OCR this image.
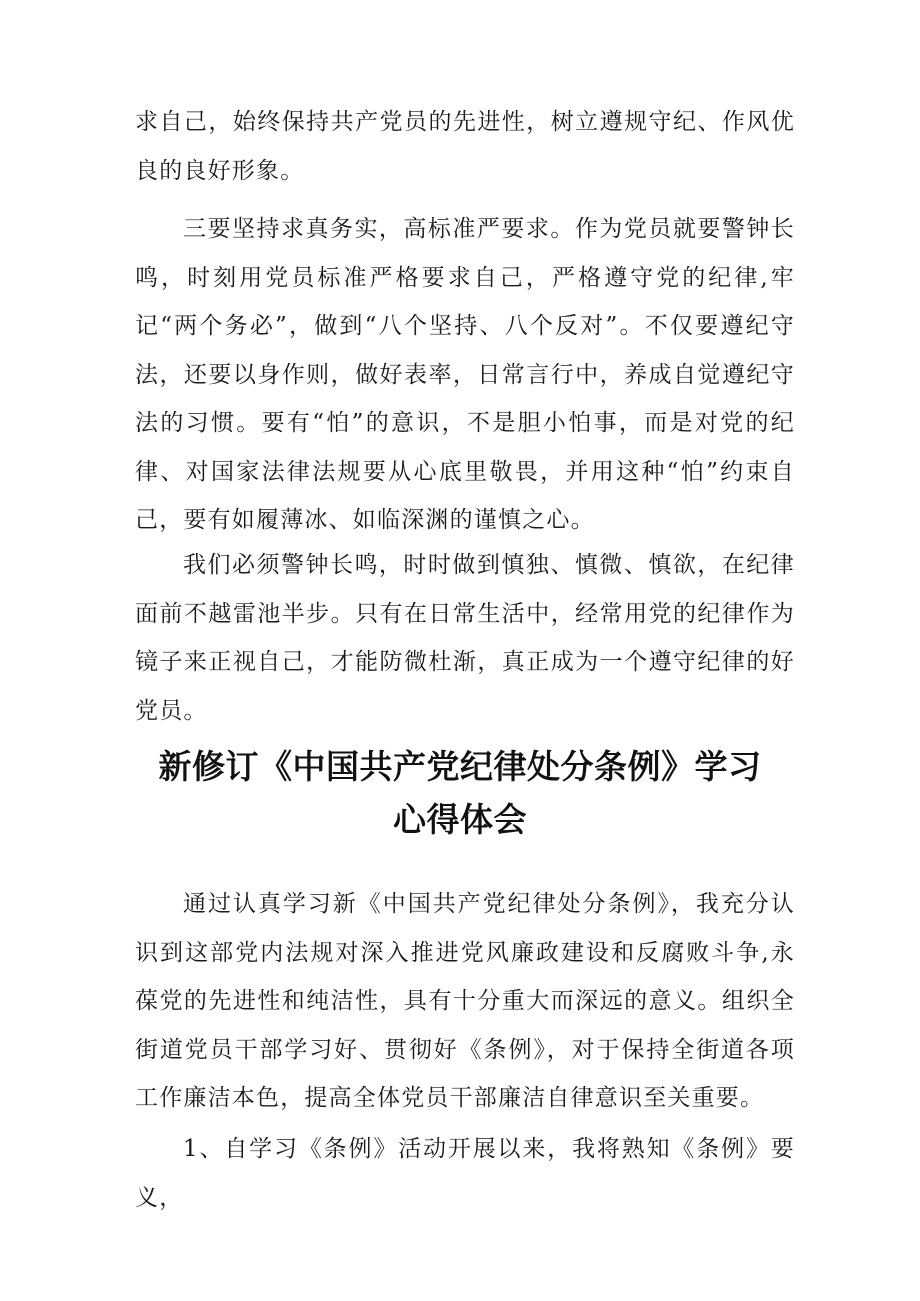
求自己，始终保持共产党员的先进性，树立遵规守纪、作风优良的良好形象。

三要坚持求真务实，高标准严要求。作为党员就要警钟长鸣，时刻用党员标准严格要求自己，严格遵守党的纪律,牢记“两个务必”，做到“八个坚持、八个反对”。不仅要遵纪守法，还要以身作则，做好表率，日常言行中，养成自觉遵纪守法的习惯。要有“怕”的意识，不是胆小怕事，而是对党的纪律、对国家法律法规要从心底里敬畏，并用这种“怕”约束自己，要有如履薄冰、如临深渊的谨慎之心。

我们必须警钟长鸣，时时做到慎独、慎微、慎欲，在纪律面前不越雷池半步。只有在日常生活中，经常用党的纪律作为镜子来正视自己，才能防微杜渐，真正成为一个遵守纪律的好党员。

新修订《中国共产党纪律处分条例》学习
心得体会

通过认真学习新《中国共产党纪律处分条例》，我充分认识到这部党内法规对深入推进党风廉政建设和反腐败斗争,永葆党的先进性和纯洁性，具有十分重大而深远的意义。组织全街道党员干部学习好、贯彻好《条例》，对于保持全街道各项工作廉洁本色，提高全体党员干部廉洁自律意识至关重要。

1、自学习《条例》活动开展以来，我将熟知《条例》要义，
